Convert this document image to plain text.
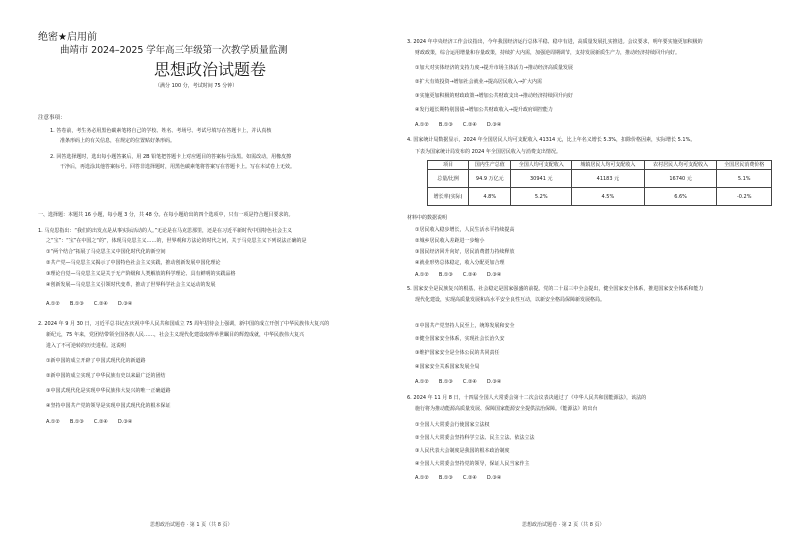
绝密★启用前
曲靖市 2024–2025 学年高三年级第一次教学质量监测
思想政治试题卷
（满分 100 分，考试时间 75 分钟）
注意事项：
1. 答卷前，考生务必用黑色碳素笔将自己的学校、姓名、考场号、考试号填写在答题卡上，并认真核
准条形码上的有关信息，在规定的位置贴好条形码。
2. 回答选择题时，选出每小题答案后，用 2B 铅笔把答题卡上对应题目的答案标号涂黑。如需改动，用橡皮擦
干净后，再选涂其他答案标号。回答非选择题时，用黑色碳素笔将答案写在答题卡上。写在本试卷上无效。
一、选择题：本题共 16 小题，每小题 3 分，共 48 分。在每小题给出的四个选项中，只有一项是符合题目要求的。
1. 马克思指出：“我们的出发点是从事实际活动的人。”无论是在马克思那里，还是在习近平新时代中国特色社会主义
之“宝”：“宝”在中国之“的”，体现马克思主义……的，世界观和方法论的时代之问，关于马克思主义下列说法正确的是
①“两个结合”拓展了马克思主义中国化时代化的新空间
②共产党—马克思主义揭示了中国特色社会主义实践，推动创新发展中国化理论
③理论自觉—马克思主义是关于无产阶级和人类解放的科学理论、具有鲜明的实践品格
④创新发展—马克思主义引领时代变革，推动了世界科学社会主义运动的发展
A.①②　　B.①③　　C.②④　　D.③④
2. 2024 年 9 月 30 日，习近平总书记在庆祝中华人民共和国成立 75 周年招待会上强调，新中国的成立开创了中华民族伟大复兴的
新纪元，75 年来，党团结带领全国各族人民……，社会主义现代化建设取得举世瞩目的辉煌成就，中华民族伟大复兴
进入了不可逆转的历史进程。这说明
①新中国的成立开辟了中国式现代化的新道路
②新中国的成立实现了中华民族有史以来最广泛的团结
③中国式现代化是实现中华民族伟大复兴的唯一正确道路
④坚持中国共产党的领导是实现中国式现代化的根本保证
A.①②　　B.①③　　C.②④　　D.③④
思想政治试题卷 · 第 1 页（共 8 页）
3. 2024 年中央经济工作会议指出，今年我国经济运行总体平稳、稳中有进，高质量发展扎实推进。会议要求，明年要实施更加积极的
财政政策，综合运用增量和存量政策，持续扩大内需，加强逆周期调节，支持发展新质生产力，推动经济持续回升向好。
①加大对实体经济的支持力度→提升市场主体活力→推动经济高质量发展
②扩大有效投资→增加社会就业→提高居民收入→扩大内需
③实施更加积极的财政政策→增加公共财政支出→推动经济持续回升向好
④发行超长期特别国债→增加公共财政收入→提升政府调控能力
A.①②　　B.①③　　C.②④　　D.③④
4. 国家统计局数据显示，2024 年全国居民人均可支配收入 41314 元，比上年名义增长 5.3%，扣除价格因素，实际增长 5.1%。
下表为国家统计局发布的 2024 年全国居民收入与消费支出情况。
项目	国内生产总值	全国人均可支配收入	城镇居民人均可支配收入	农村居民人均可支配收入	全国居民消费价格
总量/比例	94.9 万亿元	30941 元	41183 元	16740 元	5.1%
增长率(实际)	4.8%	5.2%	4.5%	6.6%	-0.2%
材料中的数据说明
①居民收入稳步增长，人民生活水平持续提高
②城乡居民收入差距进一步缩小
③国民经济回升向好，居民消费潜力持续释放
④就业形势总体稳定，收入分配更加合理
A.①②　　B.①③　　C.②④　　D.③④
5. 国家安全是民族复兴的根基，社会稳定是国家强盛的前提。党的二十届三中全会提出，健全国家安全体系，推进国家安全体系和能力
现代化建设，实现高质量发展和高水平安全良性互动，以新安全格局保障新发展格局。
①中国共产党坚持人民至上，统筹发展和安全
②健全国家安全体系，实现社会长治久安
③维护国家安全是全体公民的共同责任
④国家安全关系国家发展全局
A.①②　　B.①③　　C.②④　　D.③④
6. 2024 年 11 月 8 日，十四届全国人大常委会第十二次会议表决通过了《中华人民共和国能源法》，该法的
施行将为推动能源高质量发展、保障国家能源安全提供法治保障。《能源法》的出台
①全国人大常委会行使国家立法权
②全国人大常委会坚持科学立法、民主立法、依法立法
③人民代表大会制度是我国的根本政治制度
④全国人大常委会坚持党的领导，保证人民当家作主
A.①②　　B.①③　　C.②④　　D.③④
思想政治试题卷 · 第 2 页（共 8 页）
